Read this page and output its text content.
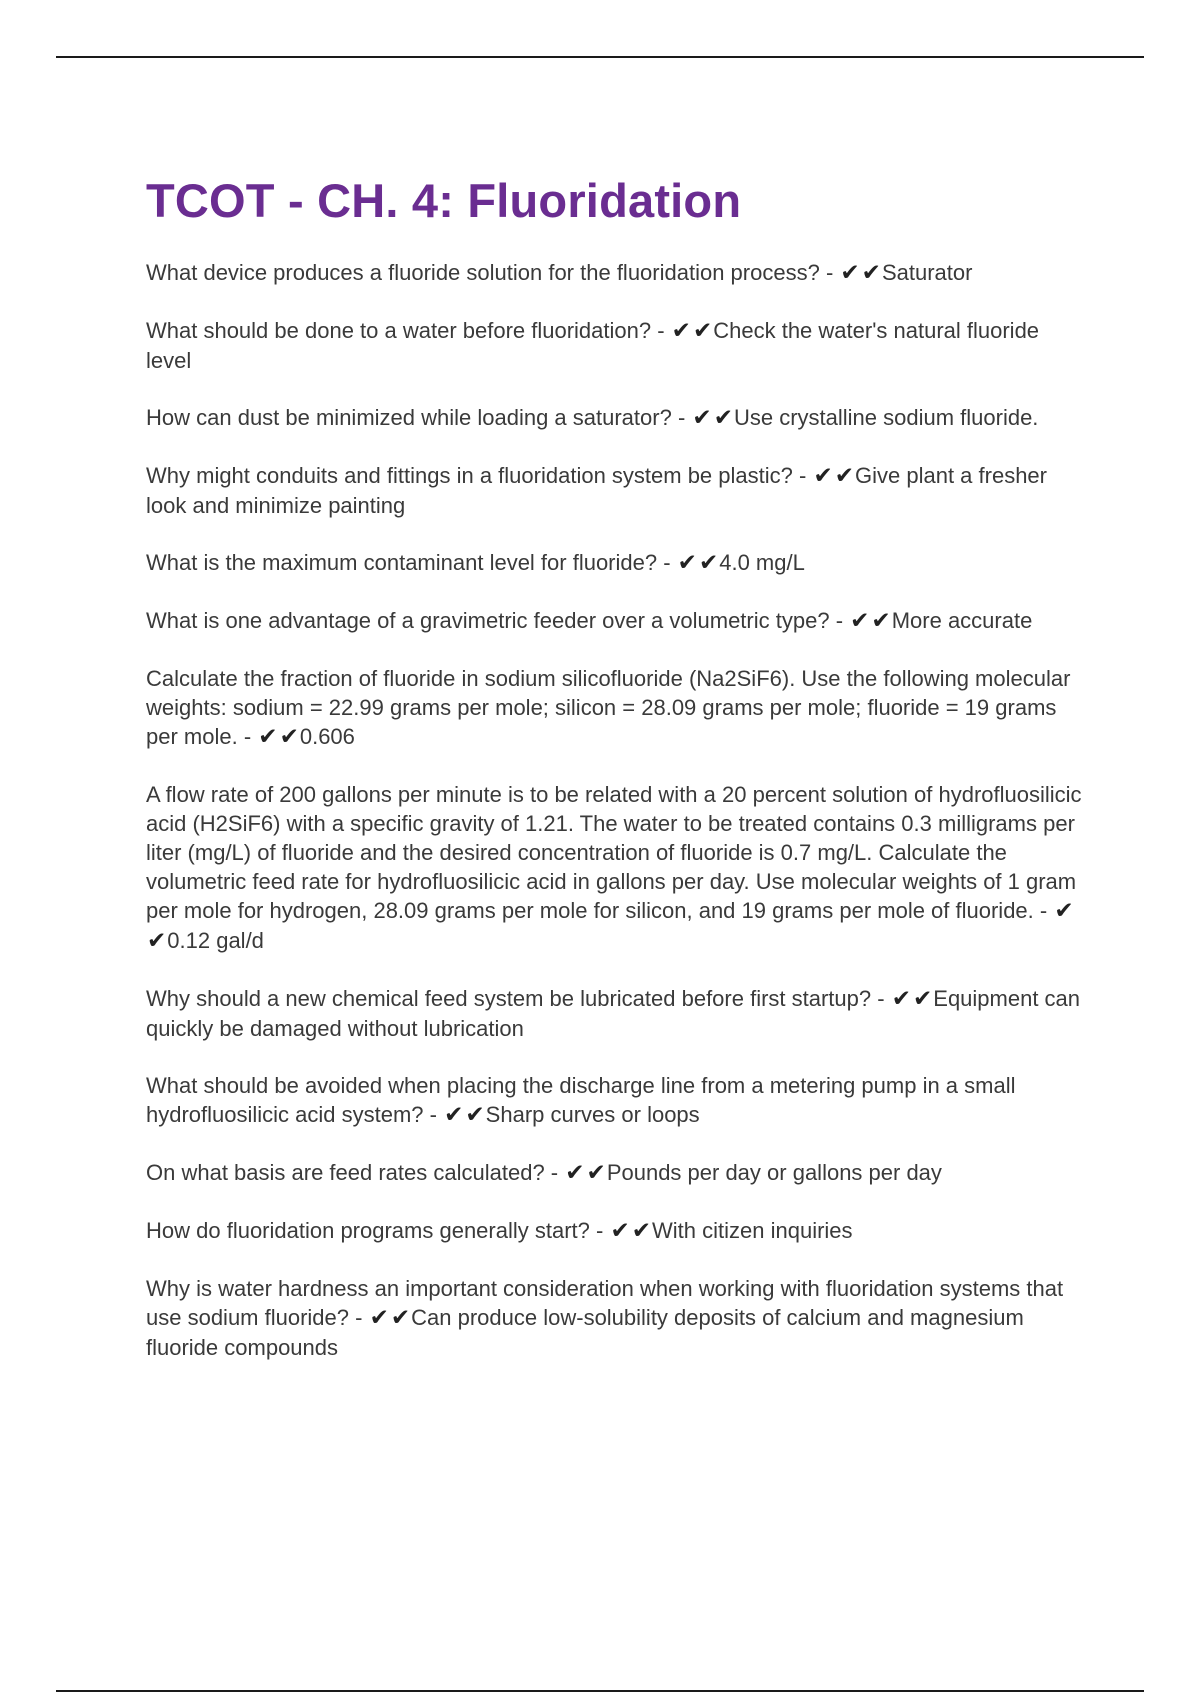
TCOT - CH. 4: Fluoridation

What device produces a fluoride solution for the fluoridation process? - ✔✔Saturator

What should be done to a water before fluoridation? - ✔✔Check the water's natural fluoride level

How can dust be minimized while loading a saturator? - ✔✔Use crystalline sodium fluoride.

Why might conduits and fittings in a fluoridation system be plastic? - ✔✔Give plant a fresher look and minimize painting

What is the maximum contaminant level for fluoride? - ✔✔4.0 mg/L

What is one advantage of a gravimetric feeder over a volumetric type? - ✔✔More accurate

Calculate the fraction of fluoride in sodium silicofluoride (Na2SiF6). Use the following molecular weights: sodium = 22.99 grams per mole; silicon = 28.09 grams per mole; fluoride = 19 grams per mole. - ✔✔0.606

A flow rate of 200 gallons per minute is to be related with a 20 percent solution of hydrofluosilicic acid (H2SiF6) with a specific gravity of 1.21. The water to be treated contains 0.3 milligrams per liter (mg/L) of fluoride and the desired concentration of fluoride is 0.7 mg/L. Calculate the volumetric feed rate for hydrofluosilicic acid in gallons per day. Use molecular weights of 1 gram per mole for hydrogen, 28.09 grams per mole for silicon, and 19 grams per mole of fluoride. - ✔✔0.12 gal/d

Why should a new chemical feed system be lubricated before first startup? - ✔✔Equipment can quickly be damaged without lubrication

What should be avoided when placing the discharge line from a metering pump in a small hydrofluosilicic acid system? - ✔✔Sharp curves or loops

On what basis are feed rates calculated? - ✔✔Pounds per day or gallons per day

How do fluoridation programs generally start? - ✔✔With citizen inquiries

Why is water hardness an important consideration when working with fluoridation systems that use sodium fluoride? - ✔✔Can produce low-solubility deposits of calcium and magnesium fluoride compounds
